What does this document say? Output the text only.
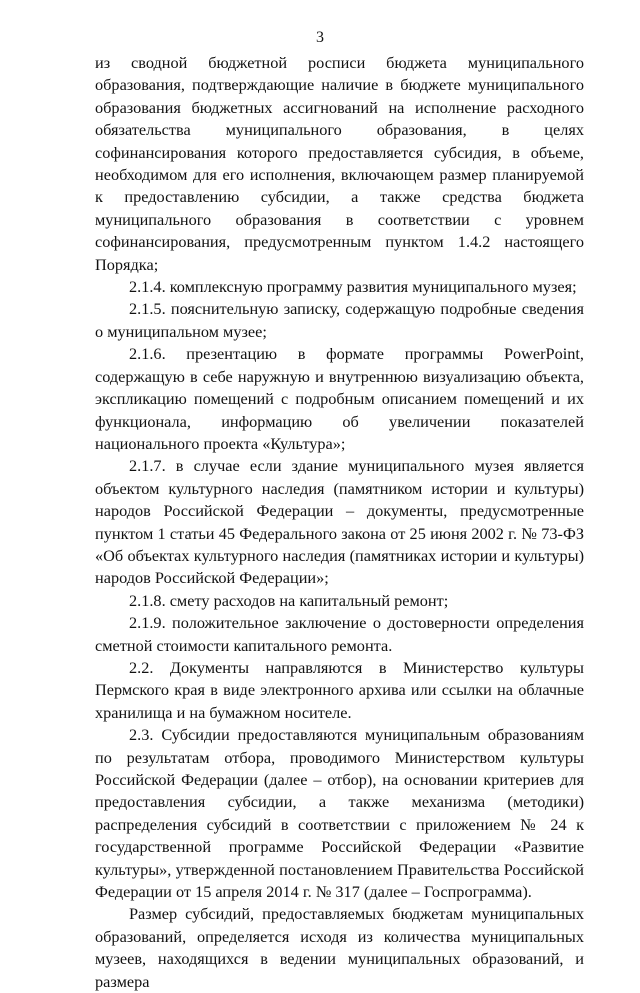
3

из сводной бюджетной росписи бюджета муниципального образования, подтверждающие наличие в бюджете муниципального образования бюджетных ассигнований на исполнение расходного обязательства муниципального образования, в целях софинансирования которого предоставляется субсидия, в объеме, необходимом для его исполнения, включающем размер планируемой к предоставлению субсидии, а также средства бюджета муниципального образования в соответствии с уровнем софинансирования, предусмотренным пунктом 1.4.2 настоящего Порядка;

2.1.4. комплексную программу развития муниципального музея;

2.1.5. пояснительную записку, содержащую подробные сведения о муниципальном музее;

2.1.6. презентацию в формате программы PowerPoint, содержащую в себе наружную и внутреннюю визуализацию объекта, экспликацию помещений с подробным описанием помещений и их функционала, информацию об увеличении показателей национального проекта «Культура»;

2.1.7. в случае если здание муниципального музея является объектом культурного наследия (памятником истории и культуры) народов Российской Федерации – документы, предусмотренные пунктом 1 статьи 45 Федерального закона от 25 июня 2002 г. № 73-ФЗ «Об объектах культурного наследия (памятниках истории и культуры) народов Российской Федерации»;

2.1.8. смету расходов на капитальный ремонт;

2.1.9. положительное заключение о достоверности определения сметной стоимости капитального ремонта.

2.2. Документы направляются в Министерство культуры Пермского края в виде электронного архива или ссылки на облачные хранилища и на бумажном носителе.

2.3. Субсидии предоставляются муниципальным образованиям по результатам отбора, проводимого Министерством культуры Российской Федерации (далее – отбор), на основании критериев для предоставления субсидии, а также механизма (методики) распределения субсидий в соответствии с приложением № 24 к государственной программе Российской Федерации «Развитие культуры», утвержденной постановлением Правительства Российской Федерации от 15 апреля 2014 г. № 317 (далее – Госпрограмма).

Размер субсидий, предоставляемых бюджетам муниципальных образований, определяется исходя из количества муниципальных музеев, находящихся в ведении муниципальных образований, и размера
